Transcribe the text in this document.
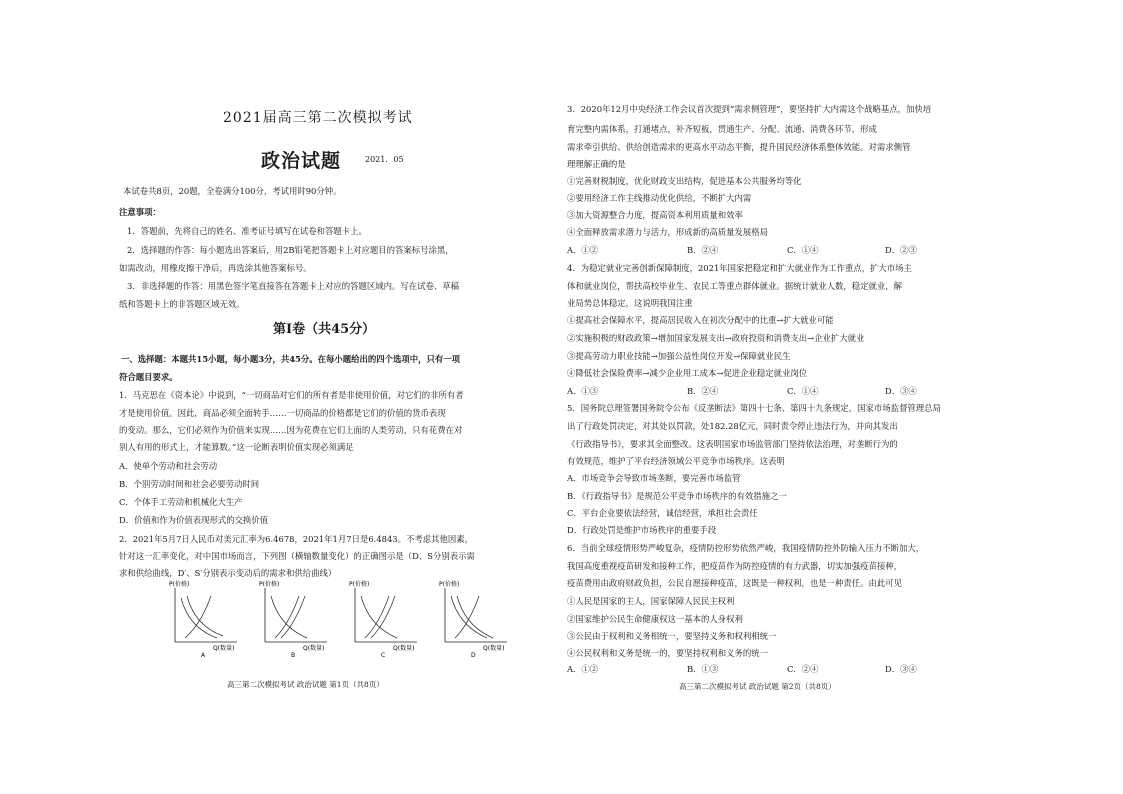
2021届高三第二次模拟考试
政治试题	2021．05
本试卷共8页，20题，全卷满分100分，考试用时90分钟。
注意事项：
1．答题前，先将自己的姓名、准考证号填写在试卷和答题卡上。
2．选择题的作答：每小题选出答案后，用2B铅笔把答题卡上对应题目的答案标号涂黑，
如需改动，用橡皮擦干净后，再选涂其他答案标号。
3．非选择题的作答：用黑色签字笔直接答在答题卡上对应的答题区域内。写在试卷、草稿
纸和答题卡上的非答题区域无效。
第Ⅰ卷（共45分）
一、选择题：本题共15小题，每小题3分，共45分。在每小题给出的四个选项中，只有一项
符合题目要求。
1．马克思在《资本论》中说到，“一切商品对它们的所有者是非使用价值，对它们的非所有者
才是使用价值。因此，商品必须全面转手……一切商品的价格都是它们的价值的货币表现
的变动。那么，它们必须作为价值来实现……因为花费在它们上面的人类劳动，只有花费在对
别人有用的形式上，才能算数。”这一论断表明价值实现必须满足
A．使单个劳动和社会劳动
B．个别劳动时间和社会必要劳动时间
C．个体手工劳动和机械化大生产
D．价值和作为价值表现形式的交换价值
2．2021年5月7日人民币对美元汇率为6.4678，2021年1月7日是6.4843。不考虑其他因素，
针对这一汇率变化，对中国市场而言，下列图（横轴数量变化）的正确图示是（D、S分别表示需
求和供给曲线，D′、S′分别表示变动后的需求和供给曲线）
P(价格)
Q(数量)
A
P(价格)
Q(数量)
B
P(价格)
Q(数量)
C
P(价格)
Q(数量)
D
高三第二次模拟考试 政治试题 第1页（共8页）
3．2020年12月中央经济工作会议首次提到“需求侧管理”，要坚持扩大内需这个战略基点，加快培
育完整内需体系，打通堵点，补齐短板，贯通生产、分配、流通、消费各环节，形成
需求牵引供给、供给创造需求的更高水平动态平衡，提升国民经济体系整体效能。对需求侧管
理理解正确的是
①完善财税制度，优化财政支出结构，促进基本公共服务均等化
②要用经济工作主线推动优化供给，不断扩大内需
③加大资源整合力度，提高资本利用质量和效率
④全面释放需求潜力与活力，形成新的高质量发展格局
A．①②	B．②④	C．①④	D．②③
4．为稳定就业完善创新保障制度，2021年国家把稳定和扩大就业作为工作重点，扩大市场主
体和就业岗位，帮扶高校毕业生、农民工等重点群体就业。据统计就业人数，稳定就业，解
业局势总体稳定，这说明我国注重
①提高社会保障水平，提高居民收入在初次分配中的比重→扩大就业可能
②实施积极的财政政策→增加国家发展支出→政府投资和消费支出→企业扩大就业
③提高劳动力职业技能→加强公益性岗位开发→保障就业民生
④降低社会保险费率→减少企业用工成本→促进企业稳定就业岗位
A．①③	B．②④	C．①④	D．③④
5．国务院总理签署国务院令公布《反垄断法》第四十七条、第四十九条规定，国家市场监督管理总局
出了行政处罚决定，对其处以罚款，处182.28亿元，同时责令停止违法行为，并向其发出
《行政指导书》，要求其全面整改。这表明国家市场监管部门坚持依法治理，对垄断行为的
有效规范，维护了平台经济领域公平竞争市场秩序。这表明
A．市场竞争会导致市场垄断，要完善市场监管
B．《行政指导书》是规范公平竞争市场秩序的有效措施之一
C．平台企业要依法经营，诚信经营，承担社会责任
D．行政处罚是维护市场秩序的重要手段
6．当前全球疫情形势严峻复杂，疫情防控形势依然严峻，我国疫情防控外防输入压力不断加大，
我国高度重视疫苗研发和接种工作，把疫苗作为防控疫情的有力武器，切实加强疫苗接种，
疫苗费用由政府财政负担，公民自愿接种疫苗，这既是一种权利，也是一种责任。由此可见
①人民是国家的主人，国家保障人民民主权利
②国家维护公民生命健康权这一基本的人身权利
③公民由于权利和义务相统一，要坚持义务和权利相统一
④公民权利和义务是统一的，要坚持权利和义务的统一
A．①②	B．①③	C．②④	D．③④
高三第二次模拟考试 政治试题 第2页（共8页）
